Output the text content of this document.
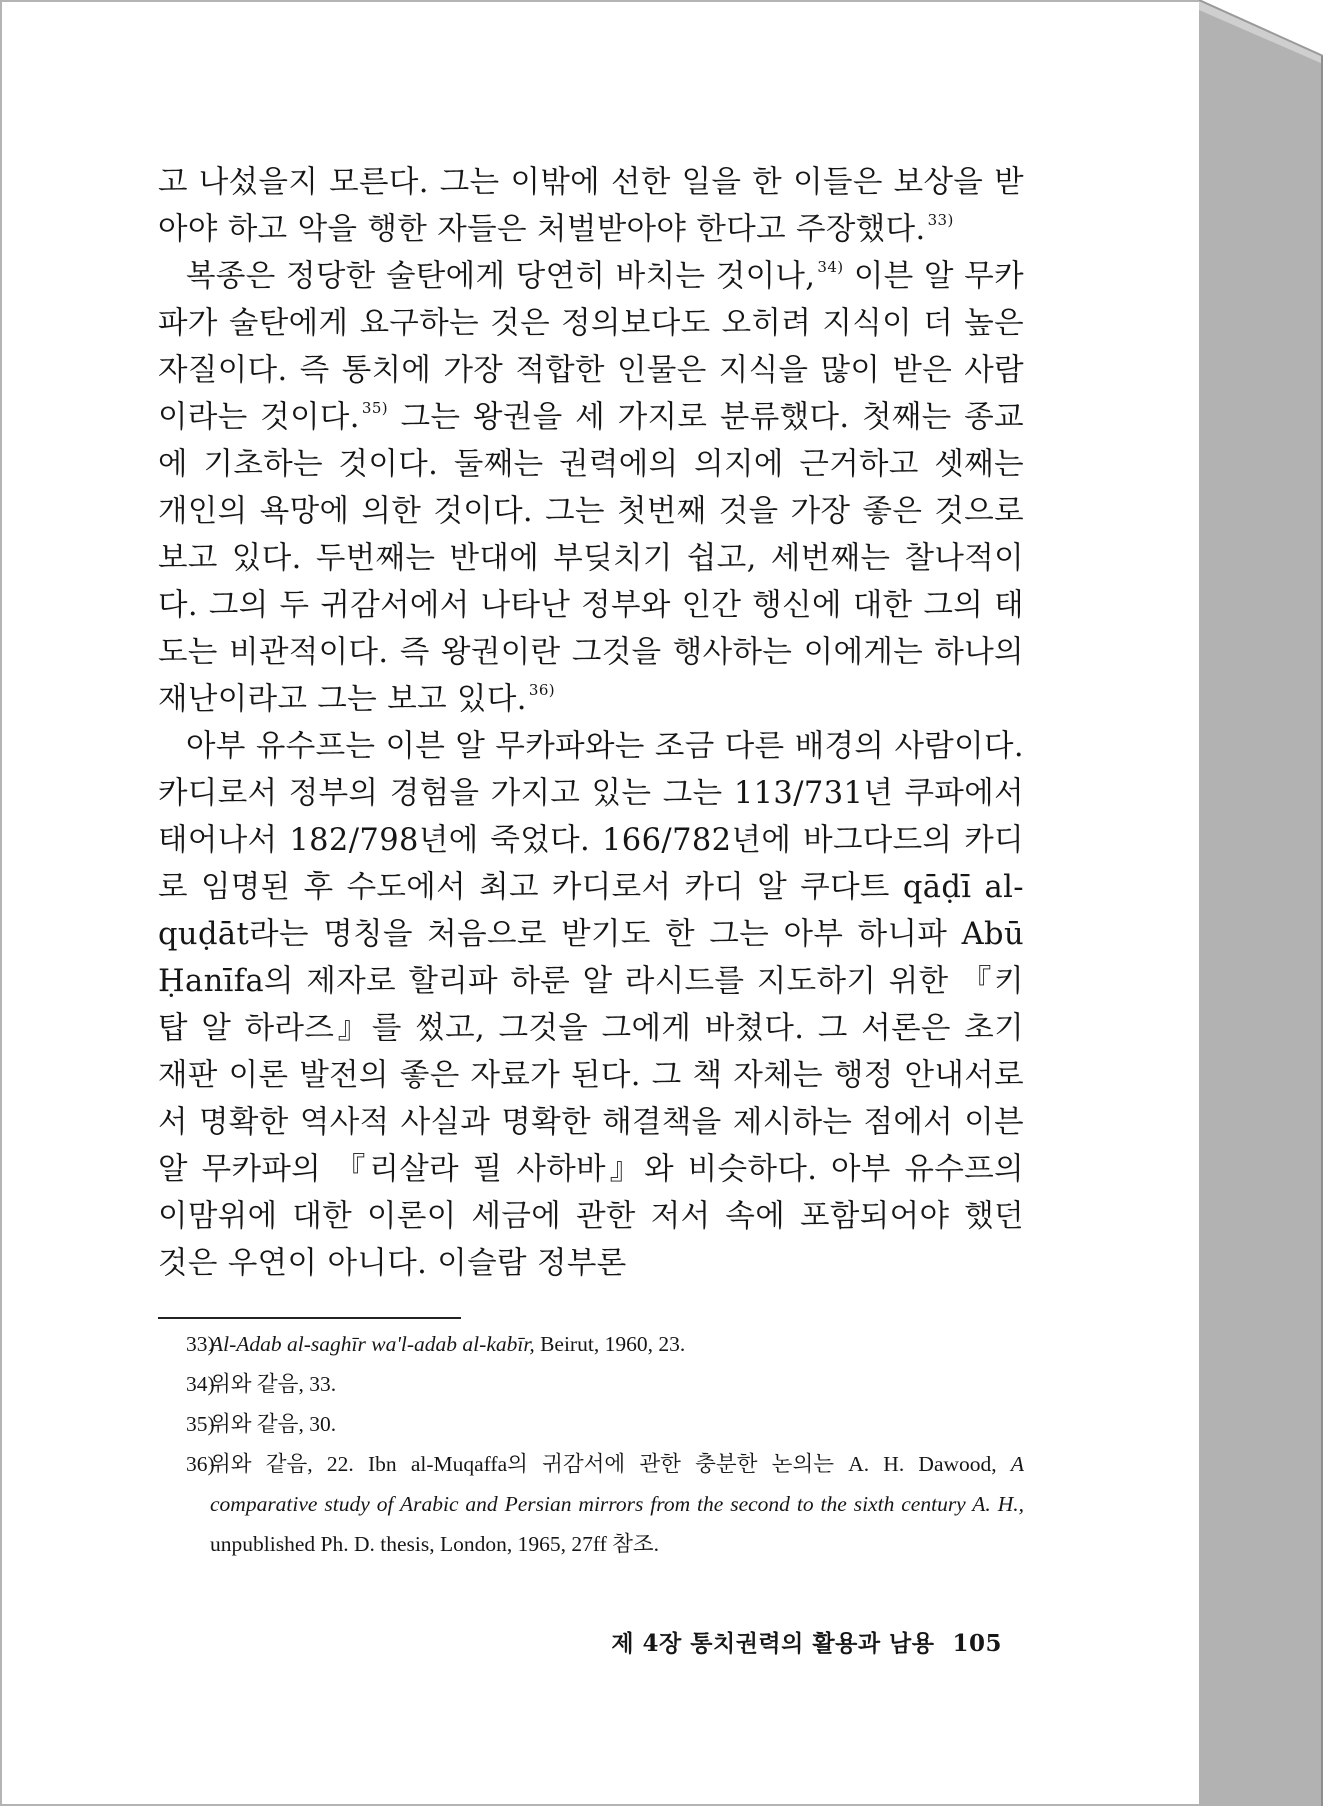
고 나섰을지 모른다. 그는 이밖에 선한 일을 한 이들은 보상을 받아야 하고 악을 행한 자들은 처벌받아야 한다고 주장했다. $^{33)}$

복종은 정당한 술탄에게 당연히 바치는 것이나, $^{34)}$ 이븐 알 무카파가 술탄에게 요구하는 것은 정의보다도 오히려 지식이 더 높은 자질이다. 즉 통치에 가장 적합한 인물은 지식을 많이 받은 사람이라는 것이다. $^{35)}$ 그는 왕권을 세 가지로 분류했다. 첫째는 종교에 기초하는 것이다. 둘째는 권력에의 의지에 근거하고 셋째는 개인의 욕망에 의한 것이다. 그는 첫번째 것을 가장 좋은 것으로 보고 있다. 두번째는 반대에 부딪치기 쉽고, 세번째는 찰나적이다. 그의 두 귀감서에서 나타난 정부와 인간 행신에 대한 그의 태도는 비관적이다. 즉 왕권이란 그것을 행사하는 이에게는 하나의 재난이라고 그는 보고 있다. $^{36)}$

아부 유수프는 이븐 알 무카파와는 조금 다른 배경의 사람이다. 카디로서 정부의 경험을 가지고 있는 그는 113/731년 쿠파에서 태어나서 182/798년에 죽었다. 166/782년에 바그다드의 카디로 임명된 후 수도에서 최고 카디로서 카디 알 쿠다트 qāḍī al-quḍāt라는 명칭을 처음으로 받기도 한 그는 아부 하니파 Abū Ḥanīfa의 제자로 할리파 하룬 알 라시드를 지도하기 위한 『키탑 알 하라즈』를 썼고, 그것을 그에게 바쳤다. 그 서론은 초기 재판 이론 발전의 좋은 자료가 된다. 그 책 자체는 행정 안내서로서 명확한 역사적 사실과 명확한 해결책을 제시하는 점에서 이븐 알 무카파의 『리살라 필 사하바』와 비슷하다. 아부 유수프의 이맘위에 대한 이론이 세금에 관한 저서 속에 포함되어야 했던 것은 우연이 아니다. 이슬람 정부론

33)
Al-Adab al-saghīr wa'l-adab al-kabīr, Beirut, 1960, 23.
34)
위와 같음, 33.
35)
위와 같음, 30.
36)
위와 같음, 22. Ibn al-Muqaffa의 귀감서에 관한 충분한 논의는 A. H. Dawood, A comparative study of Arabic and Persian mirrors from the second to the sixth century A. H., unpublished Ph. D. thesis, London, 1965, 27ff 참조.
제 4장 통치권력의 활용과 남용 105
